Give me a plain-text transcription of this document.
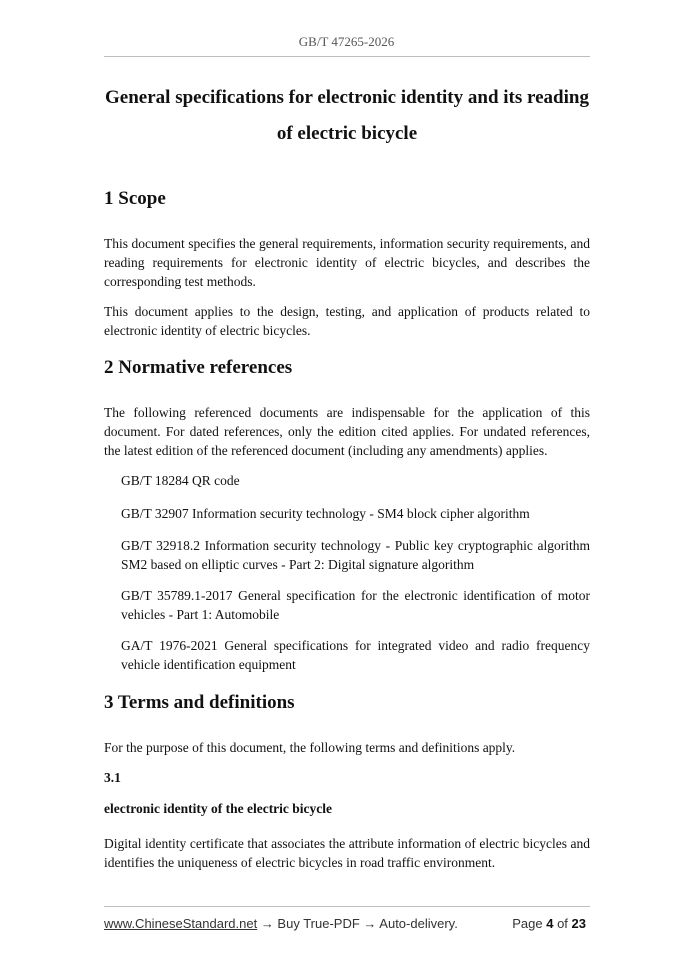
GB/T 47265-2026
General specifications for electronic identity and its reading
of electric bicycle
1 Scope

This document specifies the general requirements, information security requirements, and reading requirements for electronic identity of electric bicycles, and describes the corresponding test methods.

This document applies to the design, testing, and application of products related to electronic identity of electric bicycles.

2 Normative references

The following referenced documents are indispensable for the application of this document. For dated references, only the edition cited applies. For undated references, the latest edition of the referenced document (including any amendments) applies.

GB/T 18284 QR code

GB/T 32907 Information security technology - SM4 block cipher algorithm

GB/T 32918.2 Information security technology - Public key cryptographic algorithm SM2 based on elliptic curves - Part 2: Digital signature algorithm

GB/T 35789.1-2017 General specification for the electronic identification of motor vehicles - Part 1: Automobile

GA/T 1976-2021 General specifications for integrated video and radio frequency vehicle identification equipment

3 Terms and definitions

For the purpose of this document, the following terms and definitions apply.

3.1
electronic identity of the electric bicycle

Digital identity certificate that associates the attribute information of electric bicycles and identifies the uniqueness of electric bicycles in road traffic environment.

www.ChineseStandard.net → Buy True-PDF → Auto-delivery.	Page 4 of 23
